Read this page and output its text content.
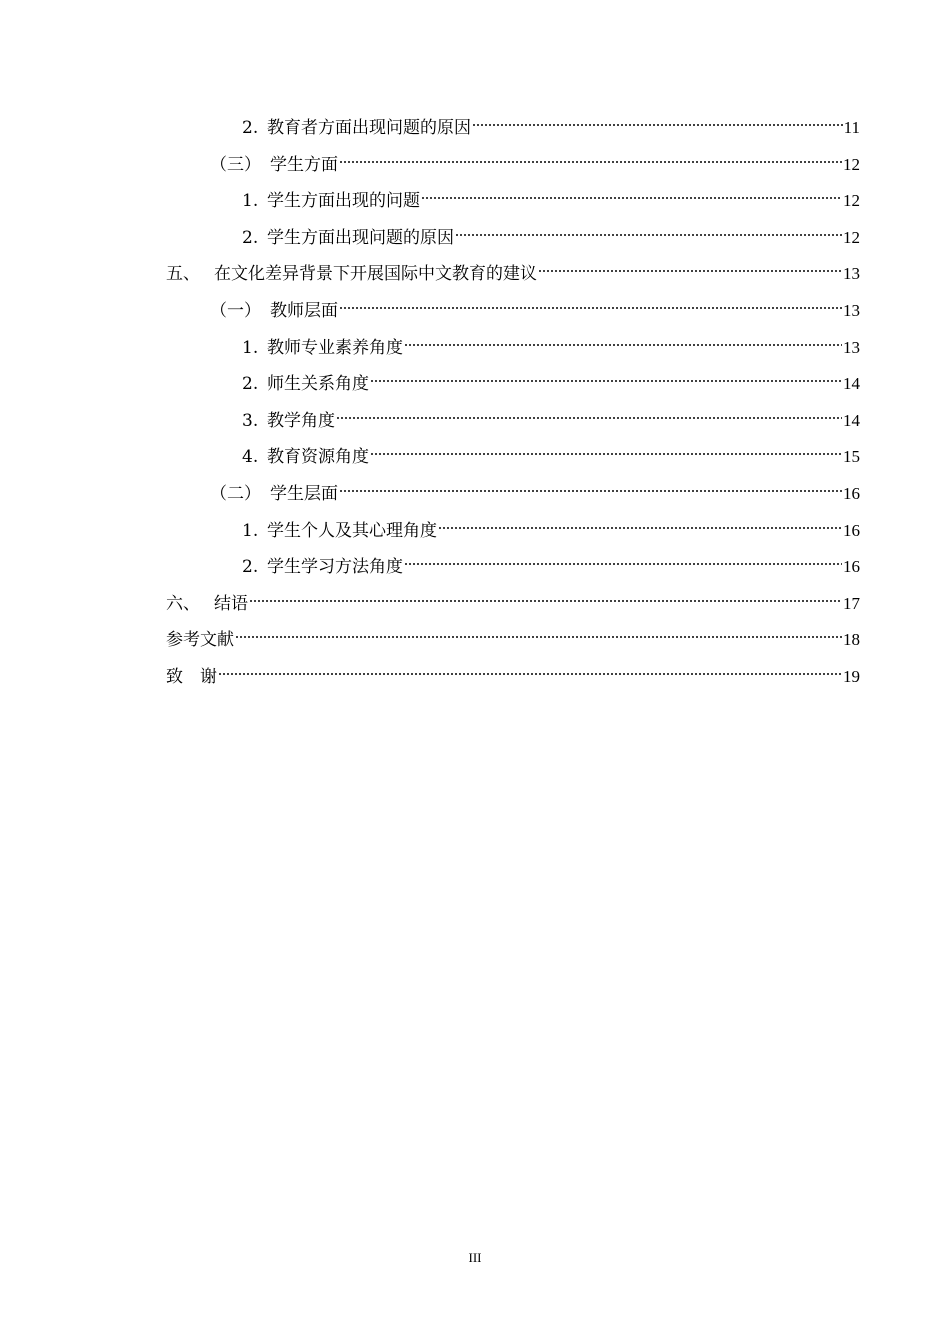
2. 教育者方面出现问题的原因	11
（三） 学生方面	12
1. 学生方面出现的问题	12
2. 学生方面出现问题的原因	12
五、 在文化差异背景下开展国际中文教育的建议	13
（一） 教师层面	13
1. 教师专业素养角度	13
2. 师生关系角度	14
3. 教学角度	14
4. 教育资源角度	15
（二） 学生层面	16
1. 学生个人及其心理角度	16
2. 学生学习方法角度	16
六、 结语	17
参考文献	18
致　谢	19
III
